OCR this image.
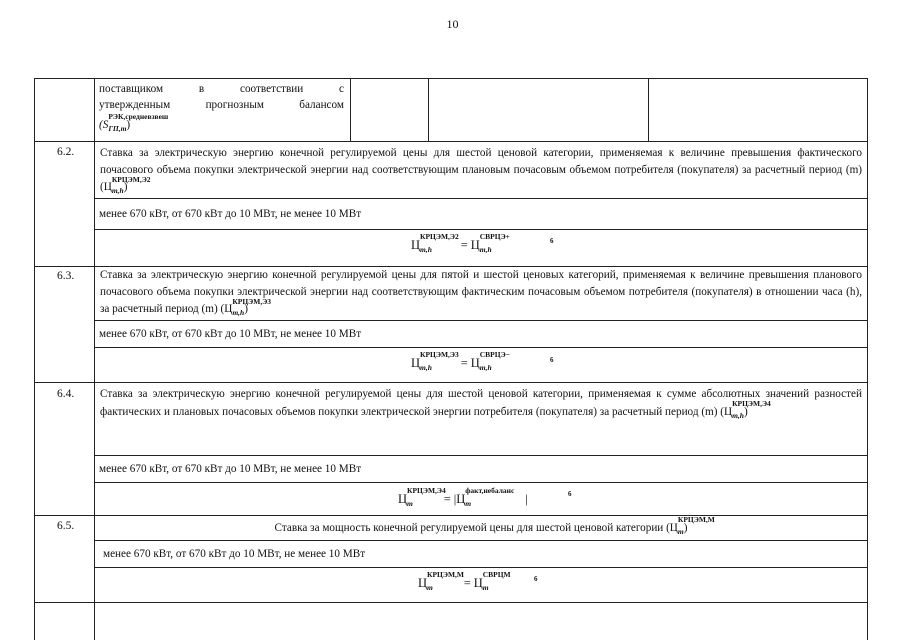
10
поставщиком	в	соответствии	с
утвержденным	прогнозным	балансом
(S
РЭК,средневзвеш
$_{ГП,m}$)
6.2. Ставка за электрическую энергию конечной регулируемой цены для шестой ценовой категории, применяемая к величине превышения фактического почасового объема покупки электрической энергии над соответствующим плановым почасовым объемом потребителя (покупателя) за расчетный период (m) (Ц
КРЦЭМ,Э2
$_{m,h}$)
менее 670 кВт, от 670 кВт до 10 МВт, не менее 10 МВт
Ц
КРЦЭМ,Э2
$_{m,h}$ = Ц
СВРЦЭ+
$_{m,h}$
6
6.3. Ставка за электрическую энергию конечной регулируемой цены для пятой и шестой ценовых категорий, применяемая к величине превышения планового почасового объема покупки электрической энергии над соответствующим фактическим почасовым объемом потребителя (покупателя) в отношении часа (h), за расчетный период (m) (Ц
КРЦЭМ,Э3
$_{m,h}$)
менее 670 кВт, от 670 кВт до 10 МВт, не менее 10 МВт
Ц
КРЦЭМ,Э3
$_{m,h}$ = Ц
СВРЦЭ−
$_{m,h}$
6
6.4. Ставка за электрическую энергию конечной регулируемой цены для шестой ценовой категории, применяемая к сумме абсолютных значений разностей фактических и плановых почасовых объемов покупки электрической энергии потребителя (покупателя) за расчетный период (m) (Ц
КРЦЭМ,Э4
$_{m,h}$)
менее 670 кВт, от 670 кВт до 10 МВт, не менее 10 МВт
Ц
КРЦЭМ,Э4
$_m$ = |Ц
факт,небаланс
$_m$	|	6
6.5.	Ставка за мощность конечной регулируемой цены для шестой ценовой категории (Ц
КРЦЭМ,М
$_m$)
менее 670 кВт, от 670 кВт до 10 МВт, не менее 10 МВт
Ц
КРЦЭМ,М
$_m$ = Ц
СВРЦМ
$_m$
6
